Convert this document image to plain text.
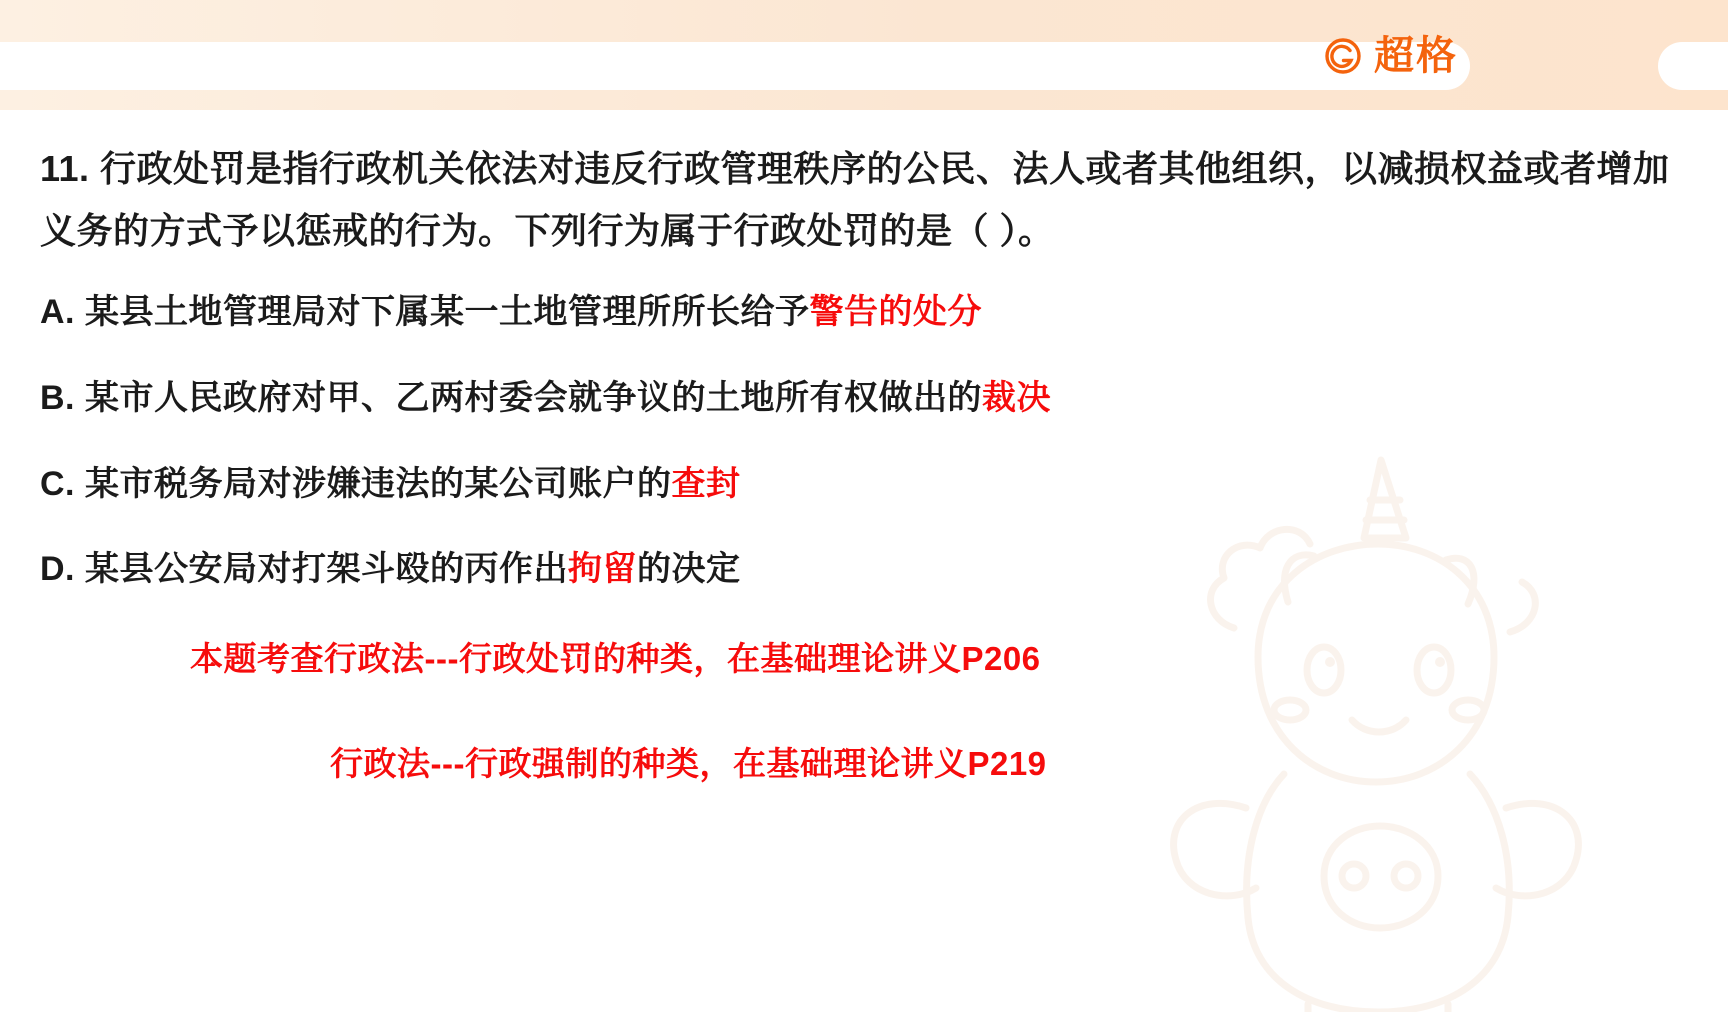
超格
11. 行政处罚是指行政机关依法对违反行政管理秩序的公民、法人或者其他组织，以减损权益或者增加
义务的方式予以惩戒的行为。下列行为属于行政处罚的是（ ）。
A. 某县土地管理局对下属某一土地管理所所长给予警告的处分
B. 某市人民政府对甲、乙两村委会就争议的土地所有权做出的裁决
C. 某市税务局对涉嫌违法的某公司账户的查封
D. 某县公安局对打架斗殴的丙作出拘留的决定
本题考查行政法---行政处罚的种类，在基础理论讲义P206
行政法---行政强制的种类，在基础理论讲义P219
